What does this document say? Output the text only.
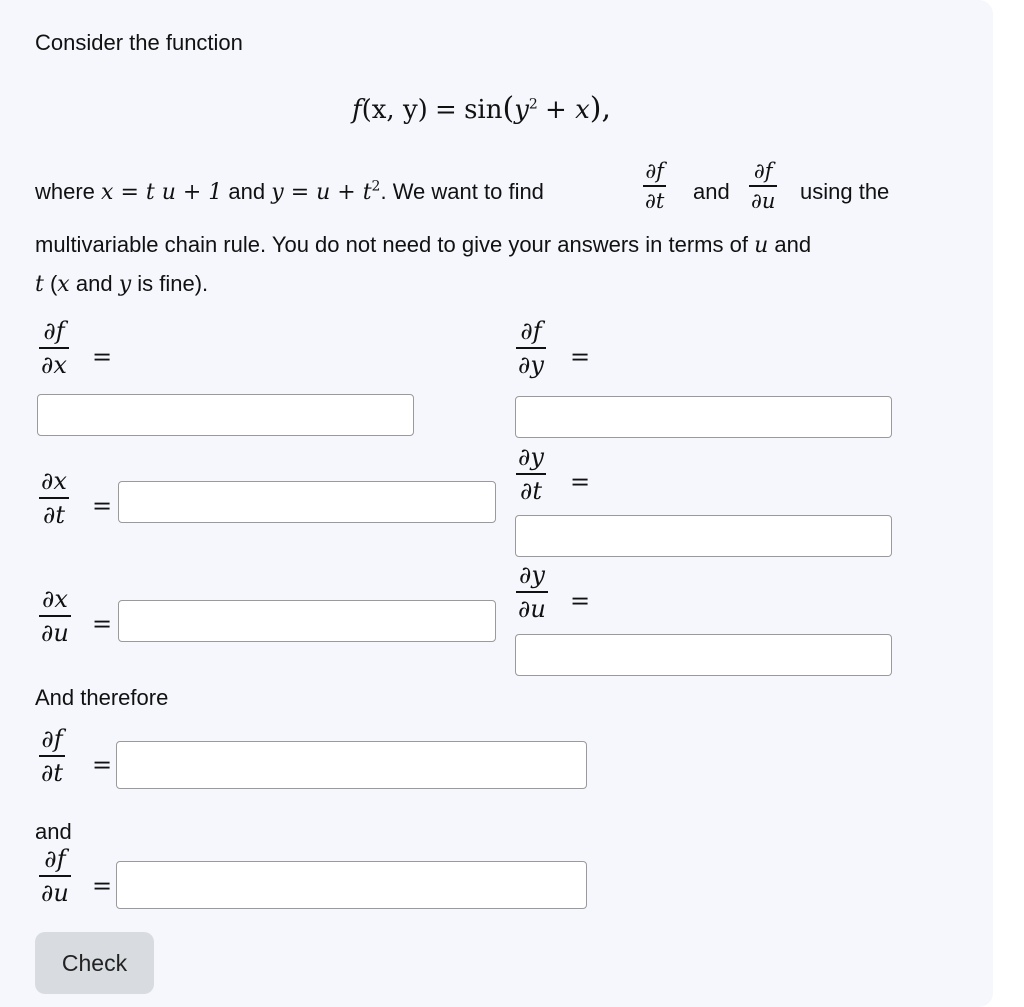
Consider the function
f(x, $y) = \sin(y^2 + x)$,
where x = t u + 1 and $y = u + t^2$. We want to find
∂f
∂t and
∂f
∂u using the
multivariable chain rule. You do not need to give your answers in terms of u and
t (x and y is fine).
∂f
∂x =
∂f
∂y =
∂x
∂t =
∂y
∂t =
∂x
∂u =
∂y
∂u =
And therefore
∂f
∂t =
and
∂f
∂u =
Check
